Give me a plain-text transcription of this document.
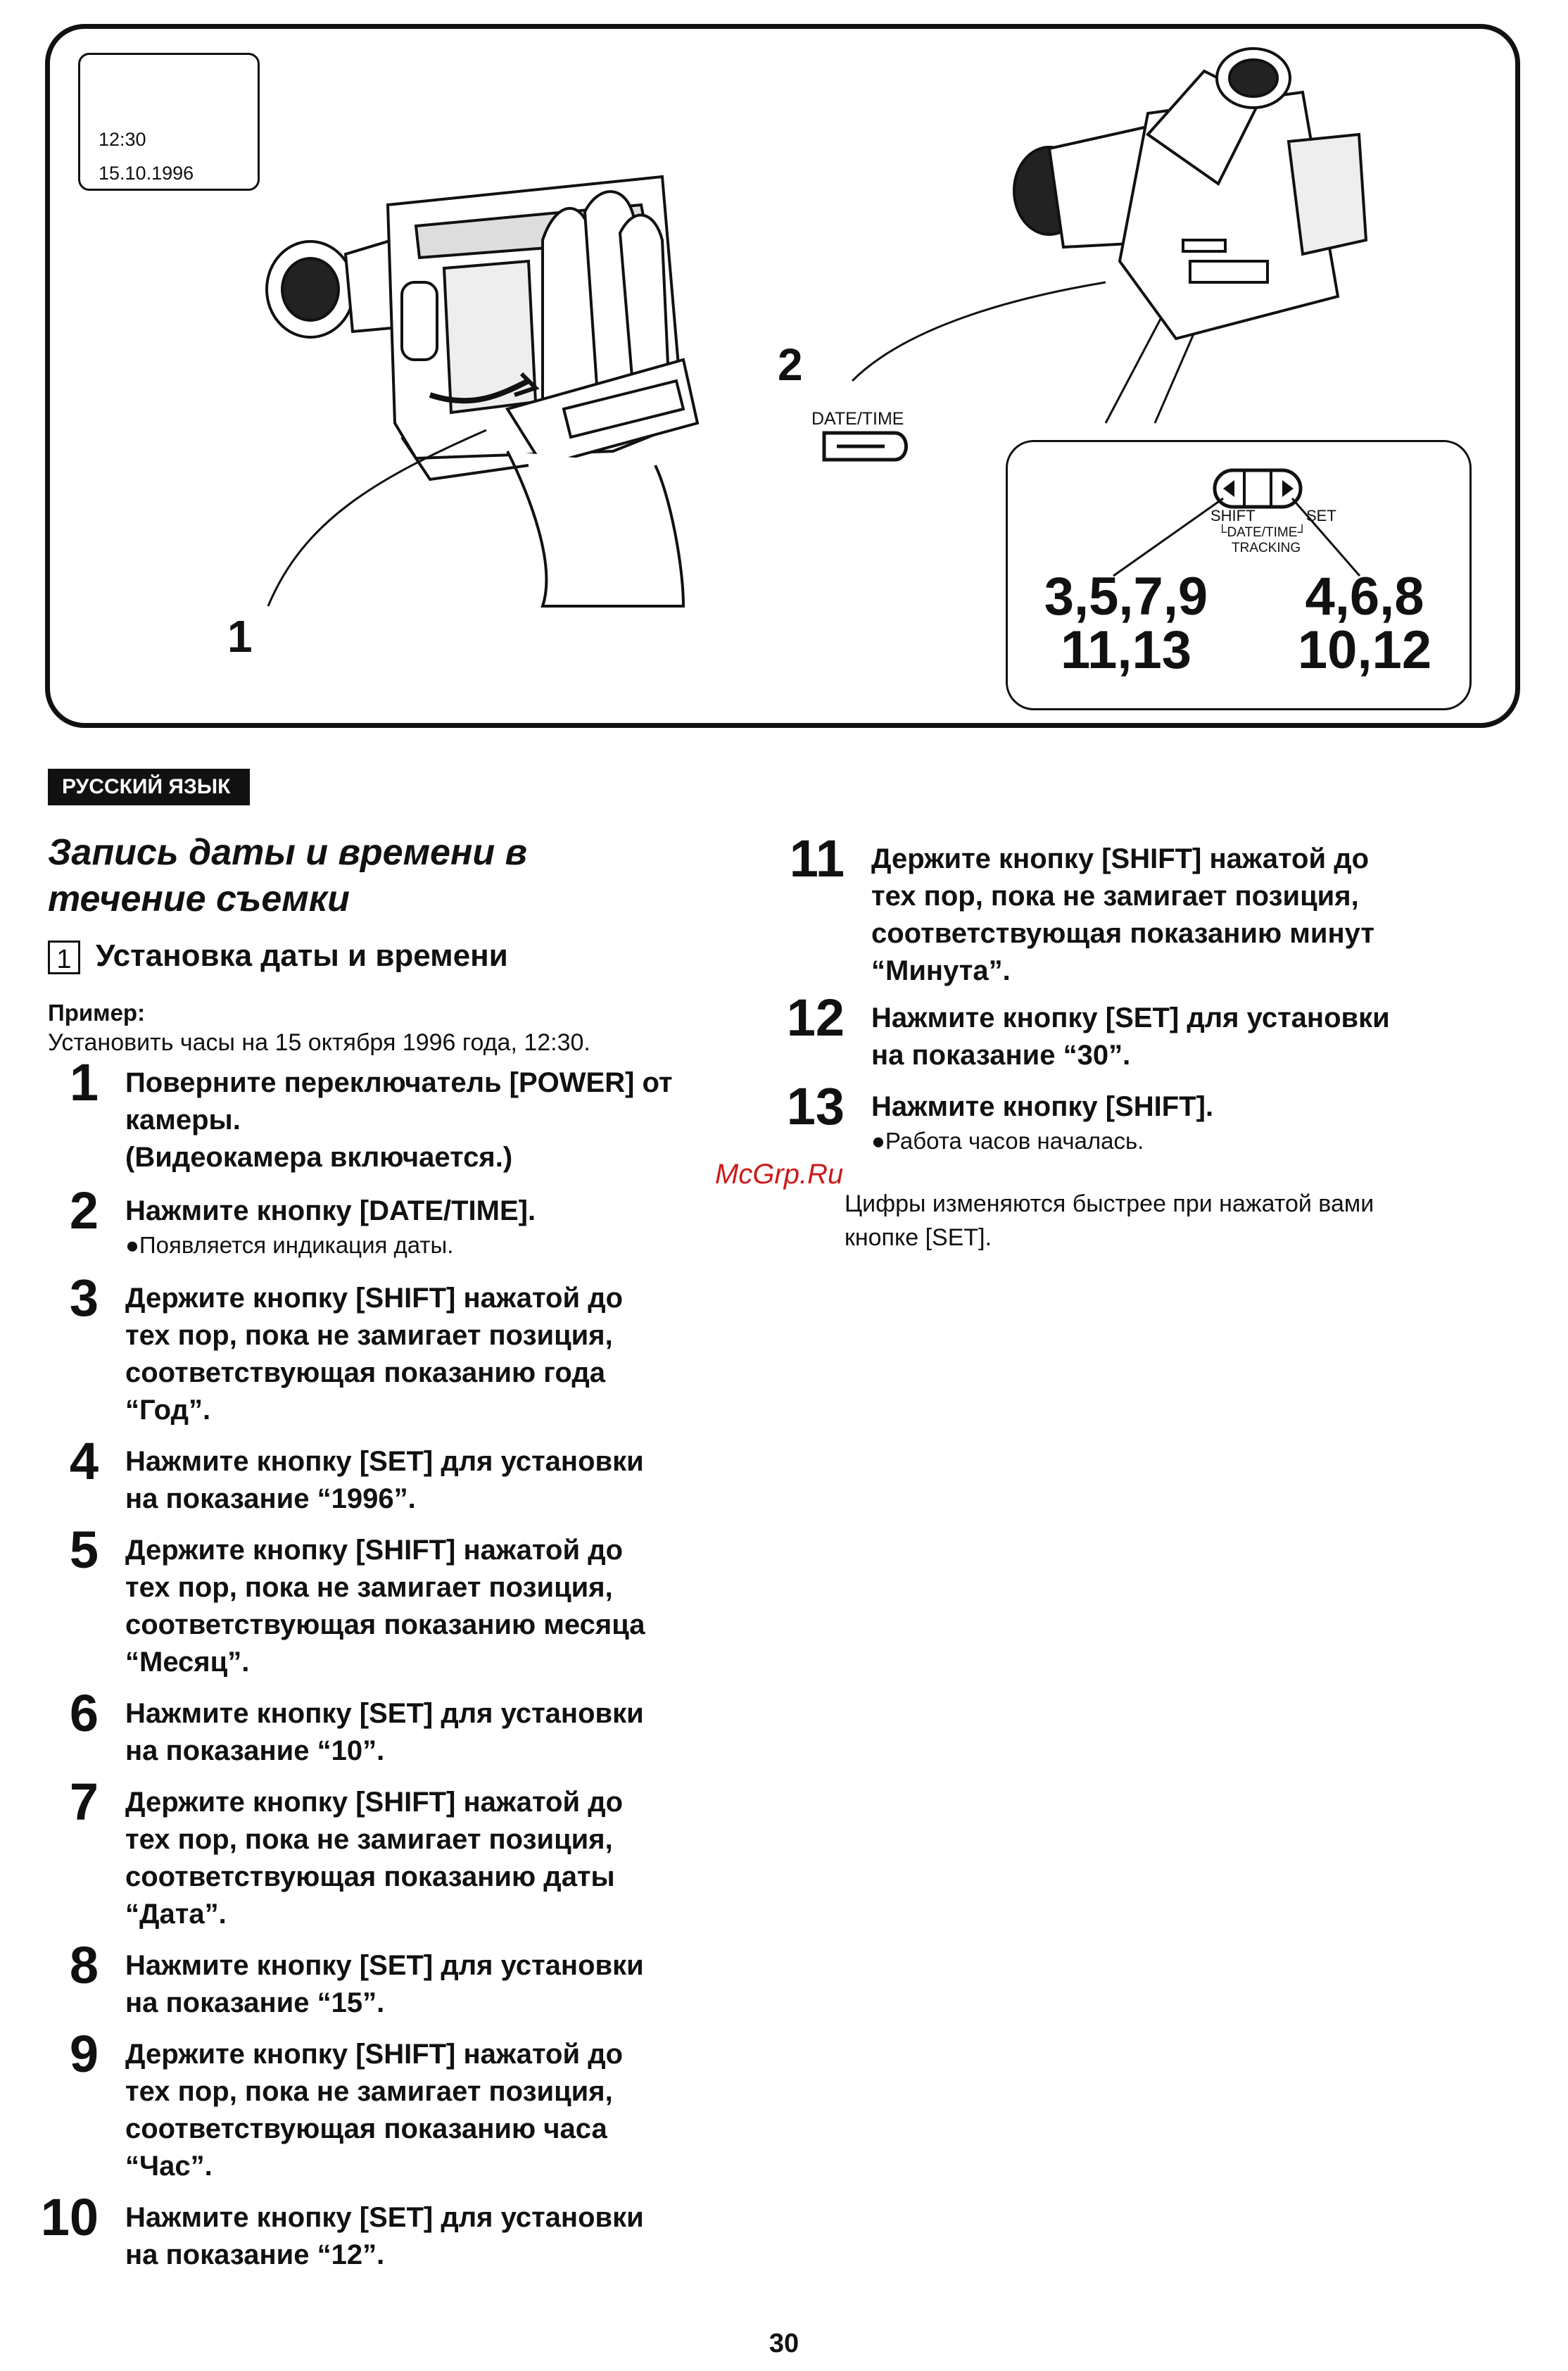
12:30
15.10.1996
1
2
DATE/TIME
SHIFT	SET
└DATE/TIME┘
TRACKING
3,5,7,9
11,13
4,6,8
10,12
РУССКИЙ ЯЗЫК
Запись даты и времени в
течение съемки
1 Установка даты и времени
Пример:
Установить часы на 15 октября 1996 года, 12:30.
1 Поверните переключатель [POWER] от
камеры.
(Видеокамера включается.)
2 Нажмите кнопку [DATE/TIME].
●Появляется индикация даты.
3 Держите кнопку [SHIFT] нажатой до
тех пор, пока не замигает позиция,
соответствующая показанию года
“Год”.
4 Нажмите кнопку [SET] для установки
на показание “1996”.
5 Держите кнопку [SHIFT] нажатой до
тех пор, пока не замигает позиция,
соответствующая показанию месяца
“Месяц”.
6 Нажмите кнопку [SET] для установки
на показание “10”.
7 Держите кнопку [SHIFT] нажатой до
тех пор, пока не замигает позиция,
соответствующая показанию даты
“Дата”.
8 Нажмите кнопку [SET] для установки
на показание “15”.
9 Держите кнопку [SHIFT] нажатой до
тех пор, пока не замигает позиция,
соответствующая показанию часа
“Час”.
10 Нажмите кнопку [SET] для установки
на показание “12”.
11 Держите кнопку [SHIFT] нажатой до
тех пор, пока не замигает позиция,
соответствующая показанию минут
“Минута”.
12 Нажмите кнопку [SET] для установки
на показание “30”.
13 Нажмите кнопку [SHIFT].
●Работа часов началась.
McGrp.Ru
Цифры изменяются быстрее при нажатой вами
кнопке [SET].
30
